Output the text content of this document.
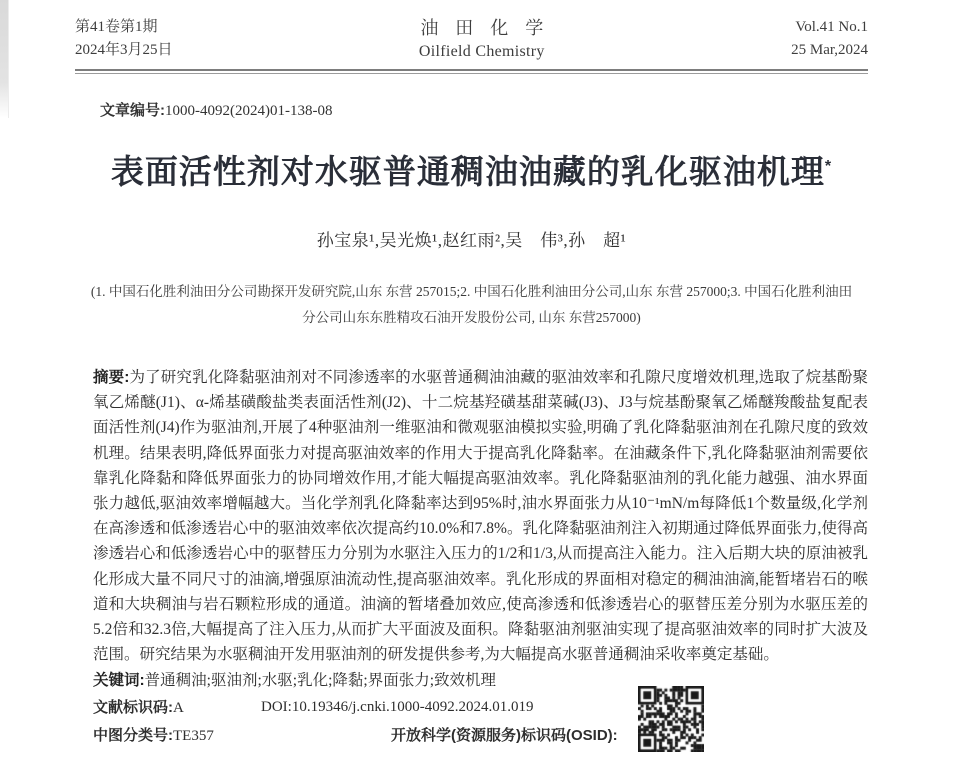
第41卷第1期
2024年3月25日
油田化学
Oilfield Chemistry
Vol.41 No.1
25 Mar,2024
文章编号:1000-4092(2024)01-138-08
表面活性剂对水驱普通稠油油藏的乳化驱油机理*
孙宝泉¹,吴光焕¹,赵红雨²,吴　伟³,孙　超¹
(1. 中国石化胜利油田分公司勘探开发研究院,山东 东营 257015;2. 中国石化胜利油田分公司,山东 东营 257000;3. 中国石化胜利油田
分公司山东东胜精攻石油开发股份公司, 山东 东营257000)

摘要:为了研究乳化降黏驱油剂对不同渗透率的水驱普通稠油油藏的驱油效率和孔隙尺度增效机理,选取了烷基酚聚氧乙烯醚(J1)、α-烯基磺酸盐类表面活性剂(J2)、十二烷基羟磺基甜菜碱(J3)、J3与烷基酚聚氧乙烯醚羧酸盐复配表面活性剂(J4)作为驱油剂,开展了4种驱油剂一维驱油和微观驱油模拟实验,明确了乳化降黏驱油剂在孔隙尺度的致效机理。结果表明,降低界面张力对提高驱油效率的作用大于提高乳化降黏率。在油藏条件下,乳化降黏驱油剂需要依靠乳化降黏和降低界面张力的协同增效作用,才能大幅提高驱油效率。乳化降黏驱油剂的乳化能力越强、油水界面张力越低,驱油效率增幅越大。当化学剂乳化降黏率达到95%时,油水界面张力从10⁻¹mN/m每降低1个数量级,化学剂在高渗透和低渗透岩心中的驱油效率依次提高约10.0%和7.8%。乳化降黏驱油剂注入初期通过降低界面张力,使得高渗透岩心和低渗透岩心中的驱替压力分别为水驱注入压力的1/2和1/3,从而提高注入能力。注入后期大块的原油被乳化形成大量不同尺寸的油滴,增强原油流动性,提高驱油效率。乳化形成的界面相对稳定的稠油油滴,能暂堵岩石的喉道和大块稠油与岩石颗粒形成的通道。油滴的暂堵叠加效应,使高渗透和低渗透岩心的驱替压差分别为水驱压差的5.2倍和32.3倍,大幅提高了注入压力,从而扩大平面波及面积。降黏驱油剂驱油实现了提高驱油效率的同时扩大波及范围。研究结果为水驱稠油开发用驱油剂的研发提供参考,为大幅提高水驱普通稠油采收率奠定基础。

关键词:普通稠油;驱油剂;水驱;乳化;降黏;界面张力;致效机理
文献标识码:A	DOI:10.19346/j.cnki.1000-4092.2024.01.019
中图分类号:TE357	开放科学(资源服务)标识码(OSID):
